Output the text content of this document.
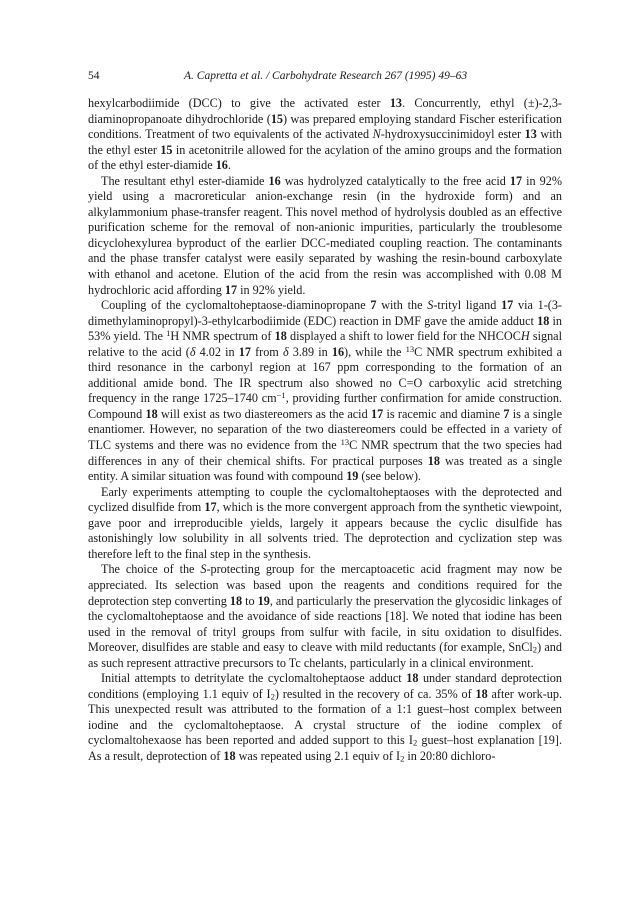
54	A. Capretta et al. / Carbohydrate Research 267 (1995) 49–63

hexylcarbodiimide (DCC) to give the activated ester 13. Concurrently, ethyl (±)-2,3-diaminopropanoate dihydrochloride (15) was prepared employing standard Fischer esterification conditions. Treatment of two equivalents of the activated N-hydroxysuccinimidoyl ester 13 with the ethyl ester 15 in acetonitrile allowed for the acylation of the amino groups and the formation of the ethyl ester-diamide 16.

The resultant ethyl ester-diamide 16 was hydrolyzed catalytically to the free acid 17 in 92% yield using a macroreticular anion-exchange resin (in the hydroxide form) and an alkylammonium phase-transfer reagent. This novel method of hydrolysis doubled as an effective purification scheme for the removal of non-anionic impurities, particularly the troublesome dicyclohexylurea byproduct of the earlier DCC-mediated coupling reaction. The contaminants and the phase transfer catalyst were easily separated by washing the resin-bound carboxylate with ethanol and acetone. Elution of the acid from the resin was accomplished with 0.08 M hydrochloric acid affording 17 in 92% yield.

Coupling of the cyclomaltoheptaose-diaminopropane 7 with the S-trityl ligand 17 via 1-(3-dimethylaminopropyl)-3-ethylcarbodiimide (EDC) reaction in DMF gave the amide adduct 18 in 53% yield. The $^1$H NMR spectrum of 18 displayed a shift to lower field for the NHCOCH signal relative to the acid (δ 4.02 in 17 from δ 3.89 in 16), while the $^{13}$C NMR spectrum exhibited a third resonance in the carbonyl region at 167 ppm corresponding to the formation of an additional amide bond. The IR spectrum also showed no C=O carboxylic acid stretching frequency in the range 1725–1740 $cm^{-1}$, providing further confirmation for amide construction. Compound 18 will exist as two diastereomers as the acid 17 is racemic and diamine 7 is a single enantiomer. However, no separation of the two diastereomers could be effected in a variety of TLC systems and there was no evidence from the $^{13}$C NMR spectrum that the two species had differences in any of their chemical shifts. For practical purposes 18 was treated as a single entity. A similar situation was found with compound 19 (see below).

Early experiments attempting to couple the cyclomaltoheptaoses with the deprotected and cyclized disulfide from 17, which is the more convergent approach from the synthetic viewpoint, gave poor and irreproducible yields, largely it appears because the cyclic disulfide has astonishingly low solubility in all solvents tried. The deprotection and cyclization step was therefore left to the final step in the synthesis.

The choice of the S-protecting group for the mercaptoacetic acid fragment may now be appreciated. Its selection was based upon the reagents and conditions required for the deprotection step converting 18 to 19, and particularly the preservation the glycosidic linkages of the cyclomaltoheptaose and the avoidance of side reactions [18]. We noted that iodine has been used in the removal of trityl groups from sulfur with facile, in situ oxidation to disulfides. Moreover, disulfides are stable and easy to cleave with mild reductants (for example, SnCl$_2$) and as such represent attractive precursors to Tc chelants, particularly in a clinical environment.

Initial attempts to detritylate the cyclomaltoheptaose adduct 18 under standard deprotection conditions (employing 1.1 equiv of $I_2$) resulted in the recovery of ca. 35% of 18 after work-up. This unexpected result was attributed to the formation of a 1:1 guest–host complex between iodine and the cyclomaltoheptaose. A crystal structure of the iodine complex of cyclomaltohexaose has been reported and added support to this $I_2$ guest–host explanation [19]. As a result, deprotection of 18 was repeated using 2.1 equiv of $I_2$ in 20:80 dichloro-
